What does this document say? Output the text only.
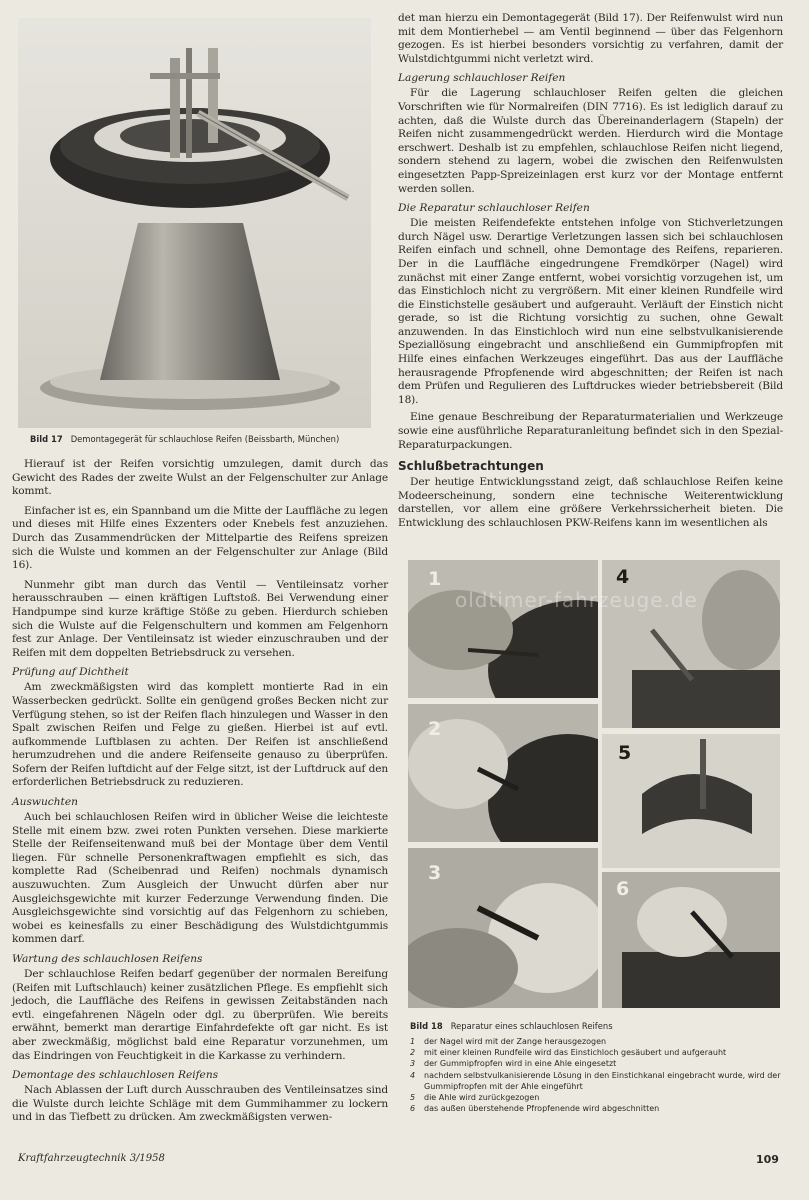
Bild 17 Demontagegerät für schlauchlose Reifen (Beissbarth, München)

Hierauf ist der Reifen vorsichtig umzulegen, damit durch das Gewicht des Rades der zweite Wulst an der Felgenschulter zur Anlage kommt.

Einfacher ist es, ein Spannband um die Mitte der Lauffläche zu legen und dieses mit Hilfe eines Exzenters oder Knebels fest anzuziehen. Durch das Zusammendrücken der Mittelpartie des Reifens spreizen sich die Wulste und kommen an der Felgenschulter zur Anlage (Bild 16).

Nunmehr gibt man durch das Ventil — Ventileinsatz vorher herausschrauben — einen kräftigen Luftstoß. Bei Verwendung einer Handpumpe sind kurze kräftige Stöße zu geben. Hierdurch schieben sich die Wulste auf die Felgenschultern und kommen am Felgenhorn fest zur Anlage. Der Ventileinsatz ist wieder einzuschrauben und der Reifen mit dem doppelten Betriebsdruck zu versehen.

Prüfung auf Dichtheit

Am zweckmäßigsten wird das komplett montierte Rad in ein Wasserbecken gedrückt. Sollte ein genügend großes Becken nicht zur Verfügung stehen, so ist der Reifen flach hinzulegen und Wasser in den Spalt zwischen Reifen und Felge zu gießen. Hierbei ist auf evtl. aufkommende Luftblasen zu achten. Der Reifen ist anschließend herumzudrehen und die andere Reifenseite genauso zu überprüfen. Sofern der Reifen luftdicht auf der Felge sitzt, ist der Luftdruck auf den erforderlichen Betriebsdruck zu reduzieren.

Auswuchten

Auch bei schlauchlosen Reifen wird in üblicher Weise die leichteste Stelle mit einem bzw. zwei roten Punkten versehen. Diese markierte Stelle der Reifenseitenwand muß bei der Montage über dem Ventil liegen. Für schnelle Personenkraftwagen empfiehlt es sich, das komplette Rad (Scheibenrad und Reifen) nochmals dynamisch auszuwuchten. Zum Ausgleich der Unwucht dürfen aber nur Ausgleichsgewichte mit kurzer Federzunge Verwendung finden. Die Ausgleichsgewichte sind vorsichtig auf das Felgenhorn zu schieben, wobei es keinesfalls zu einer Beschädigung des Wulstdichtgummis kommen darf.

Wartung des schlauchlosen Reifens

Der schlauchlose Reifen bedarf gegenüber der normalen Bereifung (Reifen mit Luftschlauch) keiner zusätzlichen Pflege. Es empfiehlt sich jedoch, die Lauffläche des Reifens in gewissen Zeitabständen nach evtl. eingefahrenen Nägeln oder dgl. zu überprüfen. Wie bereits erwähnt, bemerkt man derartige Einfahrdefekte oft gar nicht. Es ist aber zweckmäßig, möglichst bald eine Reparatur vorzunehmen, um das Eindringen von Feuchtigkeit in die Karkasse zu verhindern.

Demontage des schlauchlosen Reifens

Nach Ablassen der Luft durch Ausschrauben des Ventileinsatzes sind die Wulste durch leichte Schläge mit dem Gummihammer zu lockern und in das Tiefbett zu drücken. Am zweckmäßigsten verwen-

det man hierzu ein Demontagegerät (Bild 17). Der Reifenwulst wird nun mit dem Montierhebel — am Ventil beginnend — über das Felgenhorn gezogen. Es ist hierbei besonders vorsichtig zu verfahren, damit der Wulstdichtgummi nicht verletzt wird.

Lagerung schlauchloser Reifen

Für die Lagerung schlauchloser Reifen gelten die gleichen Vorschriften wie für Normalreifen (DIN 7716). Es ist lediglich darauf zu achten, daß die Wulste durch das Übereinanderlagern (Stapeln) der Reifen nicht zusammengedrückt werden. Hierdurch wird die Montage erschwert. Deshalb ist zu empfehlen, schlauchlose Reifen nicht liegend, sondern stehend zu lagern, wobei die zwischen den Reifenwulsten eingesetzten Papp-Spreizeinlagen erst kurz vor der Montage entfernt werden sollen.

Die Reparatur schlauchloser Reifen

Die meisten Reifendefekte entstehen infolge von Stichverletzungen durch Nägel usw. Derartige Verletzungen lassen sich bei schlauchlosen Reifen einfach und schnell, ohne Demontage des Reifens, reparieren. Der in die Lauffläche eingedrungene Fremdkörper (Nagel) wird zunächst mit einer Zange entfernt, wobei vorsichtig vorzugehen ist, um das Einstichloch nicht zu vergrößern. Mit einer kleinen Rundfeile wird die Einstichstelle gesäubert und aufgerauht. Verläuft der Einstich nicht gerade, so ist die Richtung vorsichtig zu suchen, ohne Gewalt anzuwenden. In das Einstichloch wird nun eine selbstvulkanisierende Speziallösung eingebracht und anschließend ein Gummipfropfen mit Hilfe eines einfachen Werkzeuges eingeführt. Das aus der Lauffläche herausragende Pfropfenende wird abgeschnitten; der Reifen ist nach dem Prüfen und Regulieren des Luftdruckes wieder betriebsbereit (Bild 18).

Eine genaue Beschreibung der Reparaturmaterialien und Werkzeuge sowie eine ausführliche Reparaturanleitung befindet sich in den Spezial-Reparaturpackungen.

Schlußbetrachtungen

Der heutige Entwicklungsstand zeigt, daß schlauchlose Reifen keine Modeerscheinung, sondern eine technische Weiterentwicklung darstellen, vor allem eine größere Verkehrssicherheit bieten. Die Entwicklung des schlauchlosen PKW-Reifens kann im wesentlichen als

1	4
2
5
3
6
oldtimer-fahrzeuge.de
Bild 18 Reparatur eines schlauchlosen Reifens
1	der Nagel wird mit der Zange herausgezogen
2	mit einer kleinen Rundfeile wird das Einstichloch gesäubert und aufgerauht
3	der Gummipfropfen wird in eine Ahle eingesetzt
4	nachdem selbstvulkanisierende Lösung in den Einstichkanal eingebracht wurde, wird der Gummipfropfen mit der Ahle eingeführt
5	die Ahle wird zurückgezogen
6	das außen überstehende Pfropfenende wird abgeschnitten
Kraftfahrzeugtechnik 3/1958	109
